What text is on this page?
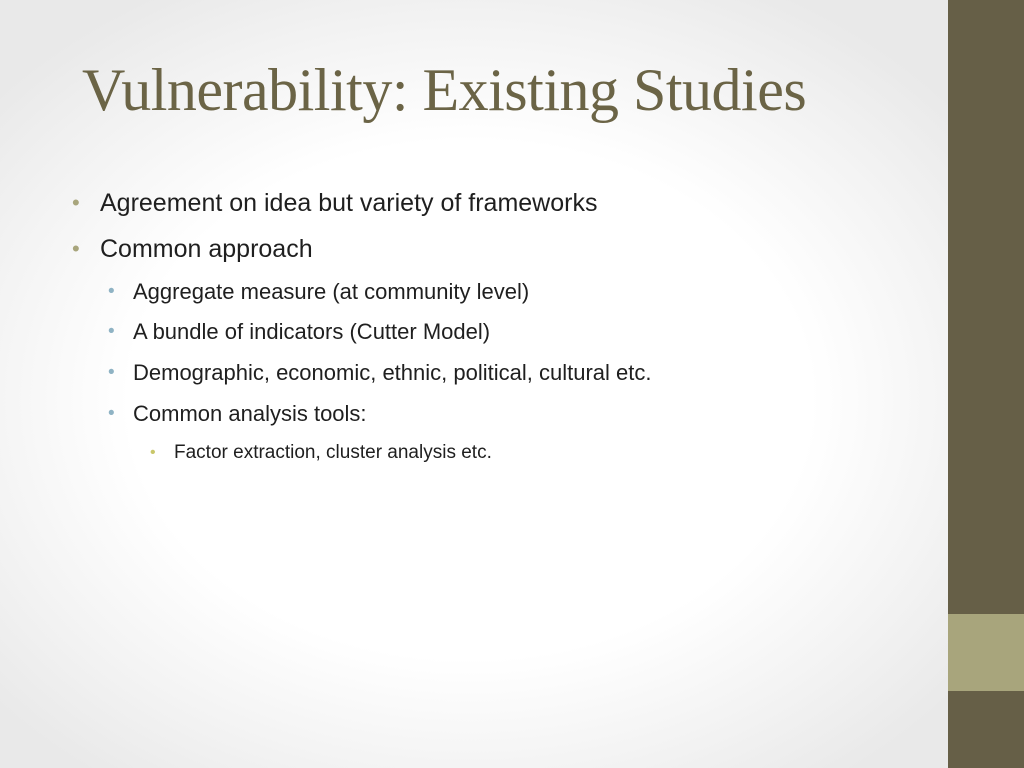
Vulnerability: Existing Studies
• Agreement on idea but variety of frameworks
• Common approach
• Aggregate measure (at community level)
• A bundle of indicators (Cutter Model)
• Demographic, economic, ethnic, political, cultural etc.
• Common analysis tools:
• Factor extraction, cluster analysis etc.
